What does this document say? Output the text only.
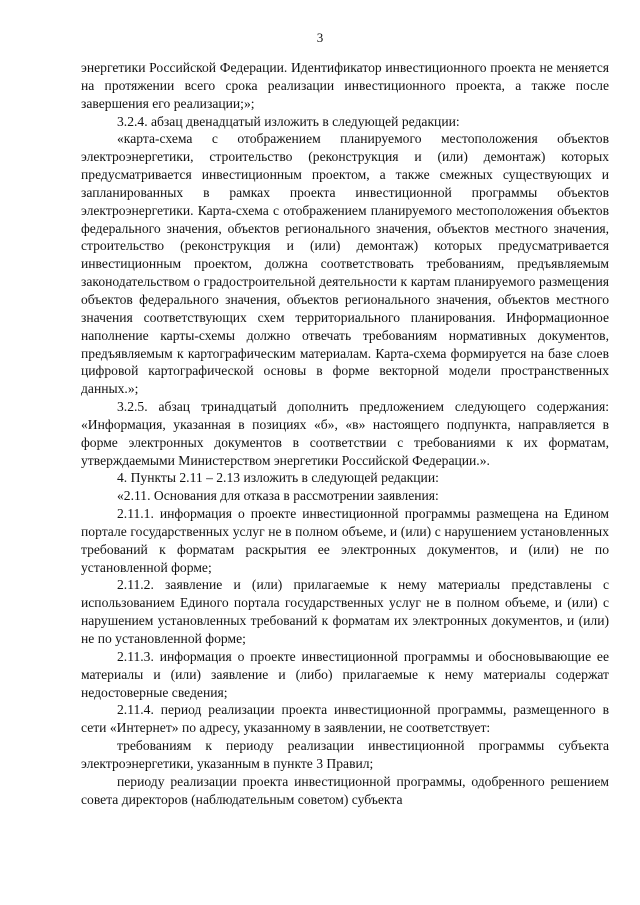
3

энергетики Российской Федерации. Идентификатор инвестиционного проекта не меняется на протяжении всего срока реализации инвестиционного проекта, а также после завершения его реализации;»;

3.2.4. абзац двенадцатый изложить в следующей редакции:

«карта-схема с отображением планируемого местоположения объектов электроэнергетики, строительство (реконструкция и (или) демонтаж) которых предусматривается инвестиционным проектом, а также смежных существующих и запланированных в рамках проекта инвестиционной программы объектов электроэнергетики. Карта-схема с отображением планируемого местоположения объектов федерального значения, объектов регионального значения, объектов местного значения, строительство (реконструкция и (или) демонтаж) которых предусматривается инвестиционным проектом, должна соответствовать требованиям, предъявляемым законодательством о градостроительной деятельности к картам планируемого размещения объектов федерального значения, объектов регионального значения, объектов местного значения соответствующих схем территориального планирования. Информационное наполнение карты-схемы должно отвечать требованиям нормативных документов, предъявляемым к картографическим материалам. Карта-схема формируется на базе слоев цифровой картографической основы в форме векторной модели пространственных данных.»;

3.2.5. абзац тринадцатый дополнить предложением следующего содержания: «Информация, указанная в позициях «б», «в» настоящего подпункта, направляется в форме электронных документов в соответствии с требованиями к их форматам, утверждаемыми Министерством энергетики Российской Федерации.».

4. Пункты 2.11 – 2.13 изложить в следующей редакции:

«2.11. Основания для отказа в рассмотрении заявления:

2.11.1. информация о проекте инвестиционной программы размещена на Едином портале государственных услуг не в полном объеме, и (или) с нарушением установленных требований к форматам раскрытия ее электронных документов, и (или) не по установленной форме;

2.11.2. заявление и (или) прилагаемые к нему материалы представлены с использованием Единого портала государственных услуг не в полном объеме, и (или) с нарушением установленных требований к форматам их электронных документов, и (или) не по установленной форме;

2.11.3. информация о проекте инвестиционной программы и обосновывающие ее материалы и (или) заявление и (либо) прилагаемые к нему материалы содержат недостоверные сведения;

2.11.4. период реализации проекта инвестиционной программы, размещенного в сети «Интернет» по адресу, указанному в заявлении, не соответствует:

требованиям к периоду реализации инвестиционной программы субъекта электроэнергетики, указанным в пункте 3 Правил;

периоду реализации проекта инвестиционной программы, одобренного решением совета директоров (наблюдательным советом) субъекта
